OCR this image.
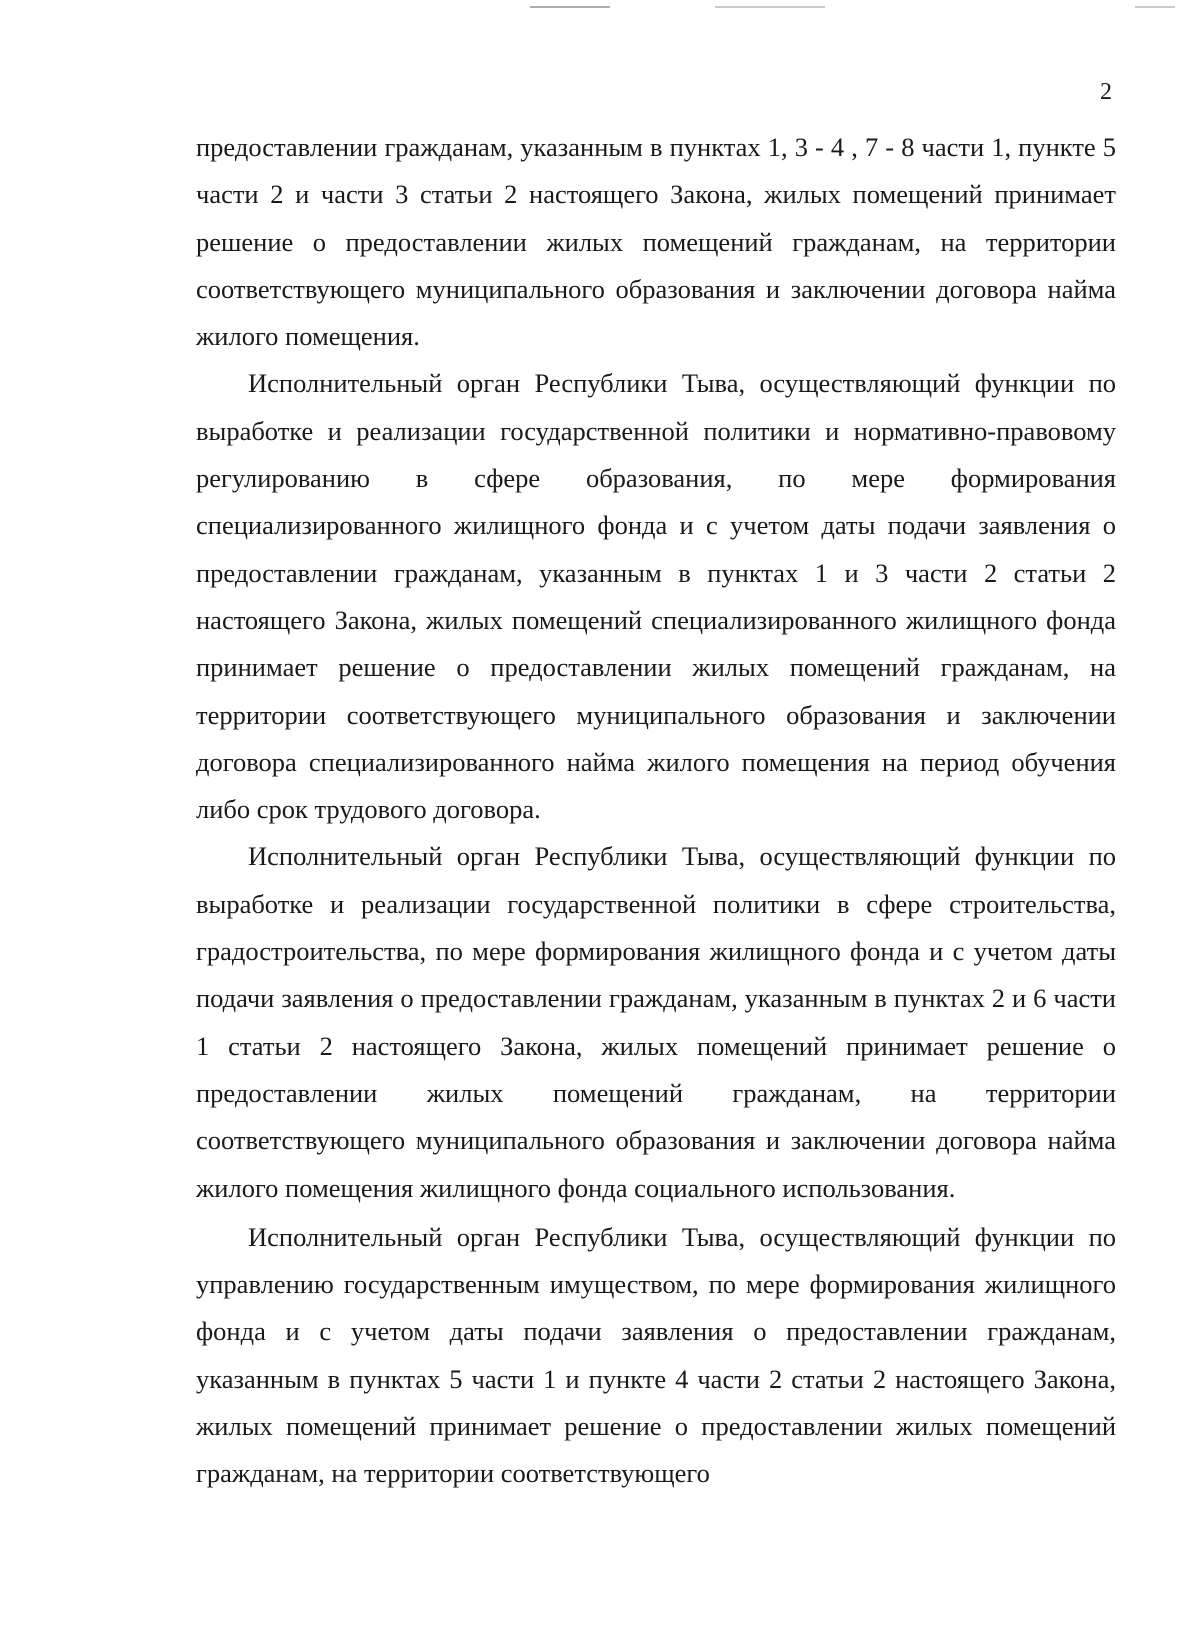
2

предоставлении гражданам, указанным в пунктах 1, 3 - 4 , 7 - 8 части 1, пункте 5 части 2 и части 3 статьи 2 настоящего Закона, жилых помещений принимает решение о предоставлении жилых помещений гражданам, на территории соответствующего муниципального образования и заключении договора найма жилого помещения.

Исполнительный орган Республики Тыва, осуществляющий функции по выработке и реализации государственной политики и нормативно-правовому регулированию в сфере образования, по мере формирования специализированного жилищного фонда и с учетом даты подачи заявления о предоставлении гражданам, указанным в пунктах 1 и 3 части 2 статьи 2 настоящего Закона, жилых помещений специализированного жилищного фонда принимает решение о предоставлении жилых помещений гражданам, на территории соответствующего муниципального образования и заключении договора специализированного найма жилого помещения на период обучения либо срок трудового договора.

Исполнительный орган Республики Тыва, осуществляющий функции по выработке и реализации государственной политики в сфере строительства, градостроительства, по мере формирования жилищного фонда и с учетом даты подачи заявления о предоставлении гражданам, указанным в пунктах 2 и 6 части 1 статьи 2 настоящего Закона, жилых помещений принимает решение о предоставлении жилых помещений гражданам, на территории соответствующего муниципального образования и заключении договора найма жилого помещения жилищного фонда социального использования.

Исполнительный орган Республики Тыва, осуществляющий функции по управлению государственным имуществом, по мере формирования жилищного фонда и с учетом даты подачи заявления о предоставлении гражданам, указанным в пунктах 5 части 1 и пункте 4 части 2 статьи 2 настоящего Закона, жилых помещений принимает решение о предоставлении жилых помещений гражданам, на территории соответствующего
